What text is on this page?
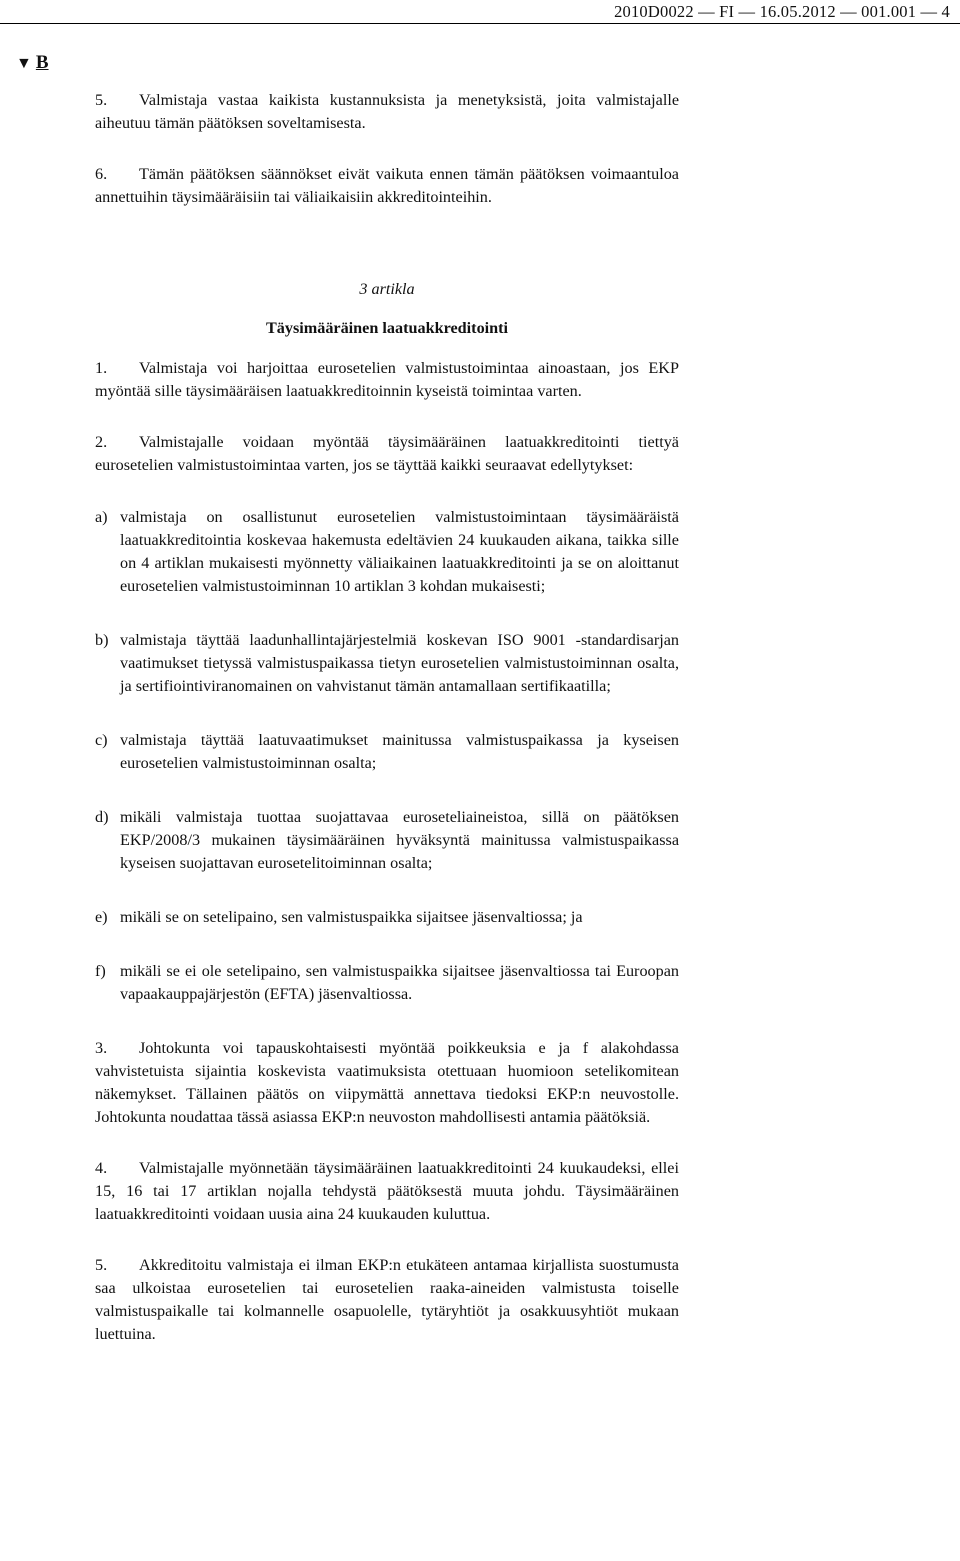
2010D0022 — FI — 16.05.2012 — 001.001 — 4
▼ B

5. Valmistaja vastaa kaikista kustannuksista ja menetyksistä, joita valmistajalle aiheutuu tämän päätöksen soveltamisesta.

6. Tämän päätöksen säännökset eivät vaikuta ennen tämän päätöksen voimaantuloa annettuihin täysimääräisiin tai väliaikaisiin akkreditointeihin.

3 artikla
Täysimääräinen laatuakkreditointi

1. Valmistaja voi harjoittaa eurosetelien valmistustoimintaa ainoastaan, jos EKP myöntää sille täysimääräisen laatuakkreditoinnin kyseistä toimintaa varten.

2. Valmistajalle voidaan myöntää täysimääräinen laatuakkreditointi tiettyä eurosetelien valmistustoimintaa varten, jos se täyttää kaikki seuraavat edellytykset:

a) valmistaja on osallistunut eurosetelien valmistustoimintaan täysimääräistä laatuakkreditointia koskevaa hakemusta edeltävien 24 kuukauden aikana, taikka sille on 4 artiklan mukaisesti myönnetty väliaikainen laatuakkreditointi ja se on aloittanut eurosetelien valmistustoiminnan 10 artiklan 3 kohdan mukaisesti;
b) valmistaja täyttää laadunhallintajärjestelmiä koskevan ISO 9001 -standardisarjan vaatimukset tietyssä valmistuspaikassa tietyn eurosetelien valmistustoiminnan osalta, ja sertifiointiviranomainen on vahvistanut tämän antamallaan sertifikaatilla;
c) valmistaja täyttää laatuvaatimukset mainitussa valmistuspaikassa ja kyseisen eurosetelien valmistustoiminnan osalta;
d) mikäli valmistaja tuottaa suojattavaa euroseteliaineistoa, sillä on päätöksen EKP/2008/3 mukainen täysimääräinen hyväksyntä mainitussa valmistuspaikassa kyseisen suojattavan eurosetelitoiminnan osalta;
e) mikäli se on setelipaino, sen valmistuspaikka sijaitsee jäsenvaltiossa; ja
f) mikäli se ei ole setelipaino, sen valmistuspaikka sijaitsee jäsenvaltiossa tai Euroopan vapaakauppajärjestön (EFTA) jäsenvaltiossa.

3. Johtokunta voi tapauskohtaisesti myöntää poikkeuksia e ja f alakohdassa vahvistetuista sijaintia koskevista vaatimuksista otettuaan huomioon setelikomitean näkemykset. Tällainen päätös on viipymättä annettava tiedoksi EKP:n neuvostolle. Johtokunta noudattaa tässä asiassa EKP:n neuvoston mahdollisesti antamia päätöksiä.

4. Valmistajalle myönnetään täysimääräinen laatuakkreditointi 24 kuukaudeksi, ellei 15, 16 tai 17 artiklan nojalla tehdystä päätöksestä muuta johdu. Täysimääräinen laatuakkreditointi voidaan uusia aina 24 kuukauden kuluttua.

5. Akkreditoitu valmistaja ei ilman EKP:n etukäteen antamaa kirjallista suostumusta saa ulkoistaa eurosetelien tai eurosetelien raaka-aineiden valmistusta toiselle valmistuspaikalle tai kolmannelle osapuolelle, tytäryhtiöt ja osakkuusyhtiöt mukaan luettuina.
